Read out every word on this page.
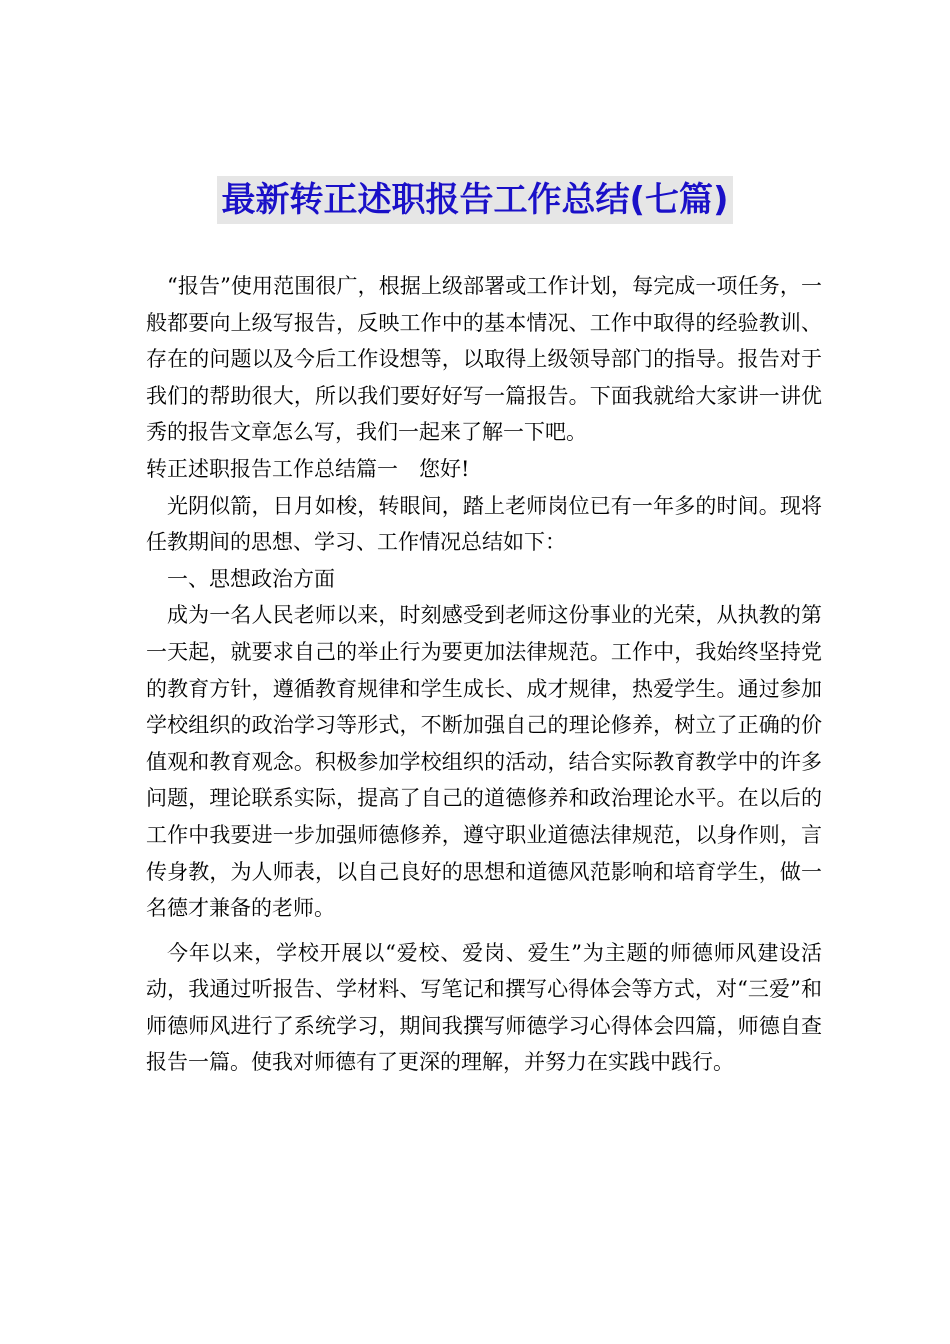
最新转正述职报告工作总结(七篇)

“报告”使用范围很广，根据上级部署或工作计划，每完成一项任务，一般都要向上级写报告，反映工作中的基本情况、工作中取得的经验教训、存在的问题以及今后工作设想等，以取得上级领导部门的指导。报告对于我们的帮助很大，所以我们要好好写一篇报告。下面我就给大家讲一讲优秀的报告文章怎么写，我们一起来了解一下吧。

转正述职报告工作总结篇一　您好!

光阴似箭，日月如梭，转眼间，踏上老师岗位已有一年多的时间。现将任教期间的思想、学习、工作情况总结如下：

一、思想政治方面

成为一名人民老师以来，时刻感受到老师这份事业的光荣，从执教的第一天起，就要求自己的举止行为要更加法律规范。工作中，我始终坚持党的教育方针，遵循教育规律和学生成长、成才规律，热爱学生。通过参加学校组织的政治学习等形式，不断加强自己的理论修养，树立了正确的价值观和教育观念。积极参加学校组织的活动，结合实际教育教学中的许多问题，理论联系实际，提高了自己的道德修养和政治理论水平。在以后的工作中我要进一步加强师德修养，遵守职业道德法律规范，以身作则，言传身教，为人师表，以自己良好的思想和道德风范影响和培育学生，做一名德才兼备的老师。

今年以来，学校开展以“爱校、爱岗、爱生”为主题的师德师风建设活动，我通过听报告、学材料、写笔记和撰写心得体会等方式，对“三爱”和师德师风进行了系统学习，期间我撰写师德学习心得体会四篇，师德自查报告一篇。使我对师德有了更深的理解，并努力在实践中践行。
